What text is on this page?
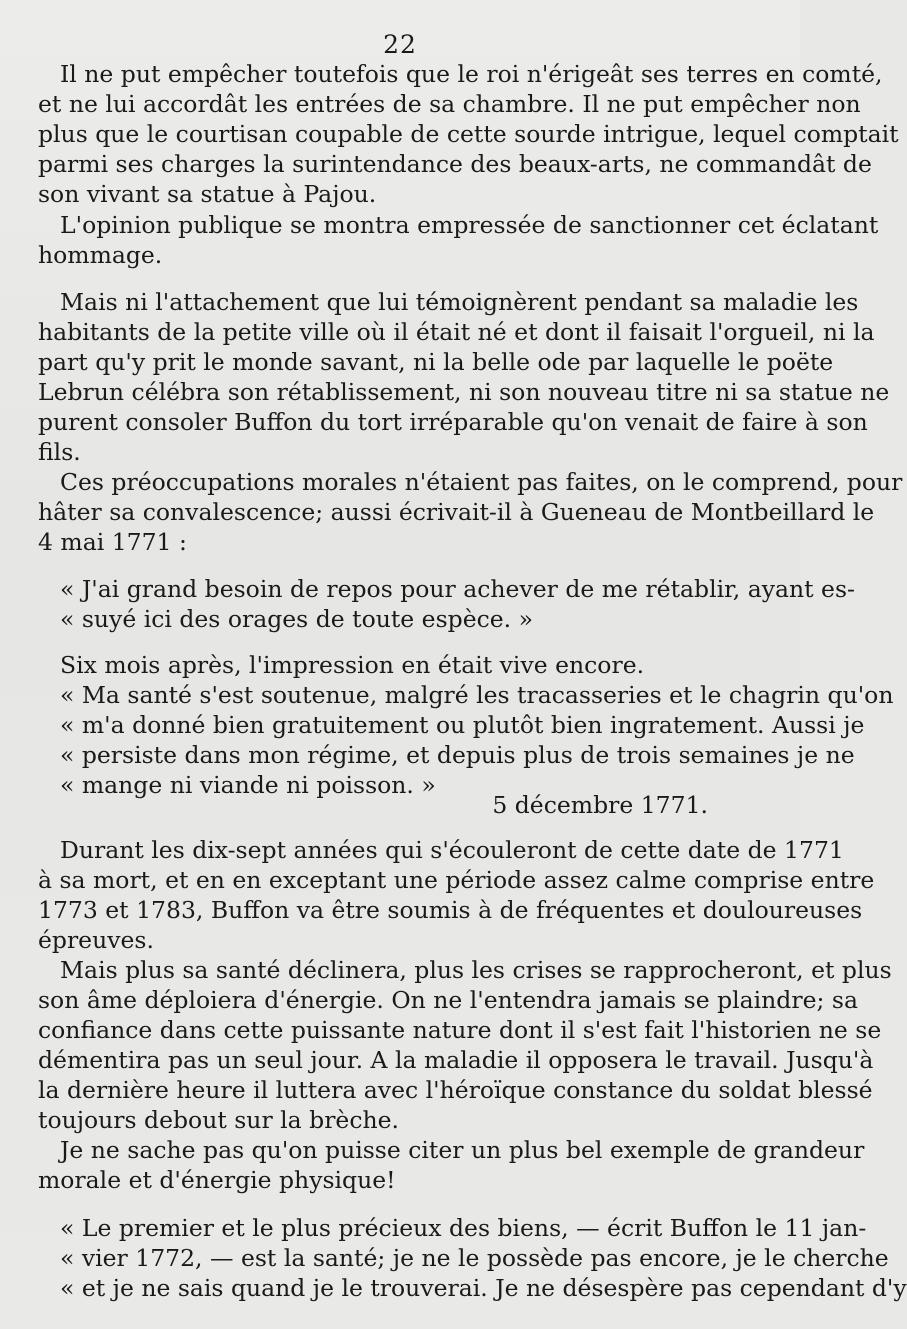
22
Il ne put empêcher toutefois que le roi n'érigeât ses terres en comté,
et ne lui accordât les entrées de sa chambre. Il ne put empêcher non
plus que le courtisan coupable de cette sourde intrigue, lequel comptait
parmi ses charges la surintendance des beaux-arts, ne commandât de
son vivant sa statue à Pajou.
L'opinion publique se montra empressée de sanctionner cet éclatant
hommage.
Mais ni l'attachement que lui témoignèrent pendant sa maladie les
habitants de la petite ville où il était né et dont il faisait l'orgueil, ni la
part qu'y prit le monde savant, ni la belle ode par laquelle le poëte
Lebrun célébra son rétablissement, ni son nouveau titre ni sa statue ne
purent consoler Buffon du tort irréparable qu'on venait de faire à son
fils.
Ces préoccupations morales n'étaient pas faites, on le comprend, pour
hâter sa convalescence; aussi écrivait-il à Gueneau de Montbeillard le
4 mai 1771 :
« J'ai grand besoin de repos pour achever de me rétablir, ayant es-
« suyé ici des orages de toute espèce. »
Six mois après, l'impression en était vive encore.
« Ma santé s'est soutenue, malgré les tracasseries et le chagrin qu'on
« m'a donné bien gratuitement ou plutôt bien ingratement. Aussi je
« persiste dans mon régime, et depuis plus de trois semaines je ne
« mange ni viande ni poisson. »
5 décembre 1771.
Durant les dix-sept années qui s'écouleront de cette date de 1771
à sa mort, et en en exceptant une période assez calme comprise entre
1773 et 1783, Buffon va être soumis à de fréquentes et douloureuses
épreuves.
Mais plus sa santé déclinera, plus les crises se rapprocheront, et plus
son âme déploiera d'énergie. On ne l'entendra jamais se plaindre; sa
confiance dans cette puissante nature dont il s'est fait l'historien ne se
démentira pas un seul jour. A la maladie il opposera le travail. Jusqu'à
la dernière heure il luttera avec l'héroïque constance du soldat blessé
toujours debout sur la brèche.
Je ne sache pas qu'on puisse citer un plus bel exemple de grandeur
morale et d'énergie physique!
« Le premier et le plus précieux des biens, — écrit Buffon le 11 jan-
« vier 1772, — est la santé; je ne le possède pas encore, je le cherche
« et je ne sais quand je le trouverai. Je ne désespère pas cependant d'y
